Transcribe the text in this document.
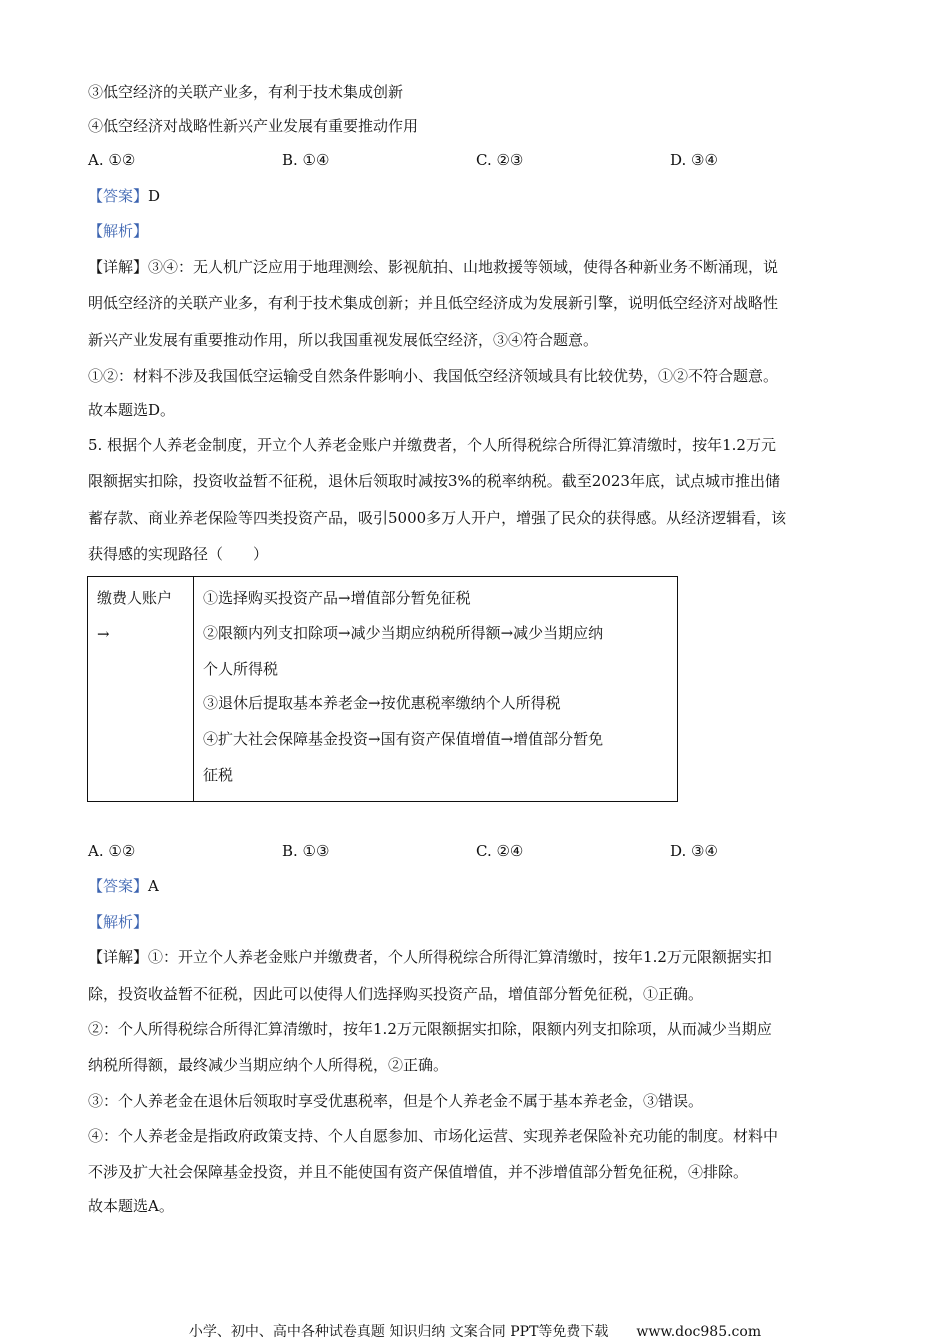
③低空经济的关联产业多，有利于技术集成创新
④低空经济对战略性新兴产业发展有重要推动作用
A. ①②	B. ①④	C. ②③	D. ③④
【答案】D
【解析】
【详解】③④：无人机广泛应用于地理测绘、影视航拍、山地救援等领域，使得各种新业务不断涌现，说
明低空经济的关联产业多，有利于技术集成创新；并且低空经济成为发展新引擎，说明低空经济对战略性
新兴产业发展有重要推动作用，所以我国重视发展低空经济，③④符合题意。
①②：材料不涉及我国低空运输受自然条件影响小、我国低空经济领域具有比较优势，①②不符合题意。
故本题选D。
5. 根据个人养老金制度，开立个人养老金账户并缴费者，个人所得税综合所得汇算清缴时，按年1.2万元
限额据实扣除，投资收益暂不征税，退休后领取时减按3%的税率纳税。截至2023年底，试点城市推出储
蓄存款、商业养老保险等四类投资产品，吸引5000多万人开户，增强了民众的获得感。从经济逻辑看，该
获得感的实现路径（　　）
缴费人账户
→
①选择购买投资产品→增值部分暂免征税
②限额内列支扣除项→减少当期应纳税所得额→减少当期应纳
个人所得税
③退休后提取基本养老金→按优惠税率缴纳个人所得税
④扩大社会保障基金投资→国有资产保值增值→增值部分暂免
征税
A. ①②	B. ①③	C. ②④	D. ③④
【答案】A
【解析】
【详解】①：开立个人养老金账户并缴费者，个人所得税综合所得汇算清缴时，按年1.2万元限额据实扣
除，投资收益暂不征税，因此可以使得人们选择购买投资产品，增值部分暂免征税，①正确。
②：个人所得税综合所得汇算清缴时，按年1.2万元限额据实扣除，限额内列支扣除项，从而减少当期应
纳税所得额，最终减少当期应纳个人所得税，②正确。
③：个人养老金在退休后领取时享受优惠税率，但是个人养老金不属于基本养老金，③错误。
④：个人养老金是指政府政策支持、个人自愿参加、市场化运营、实现养老保险补充功能的制度。材料中
不涉及扩大社会保障基金投资，并且不能使国有资产保值增值，并不涉增值部分暂免征税，④排除。
故本题选A。
小学、初中、高中各种试卷真题 知识归纳 文案合同 PPT等免费下载　　www.doc985.com
